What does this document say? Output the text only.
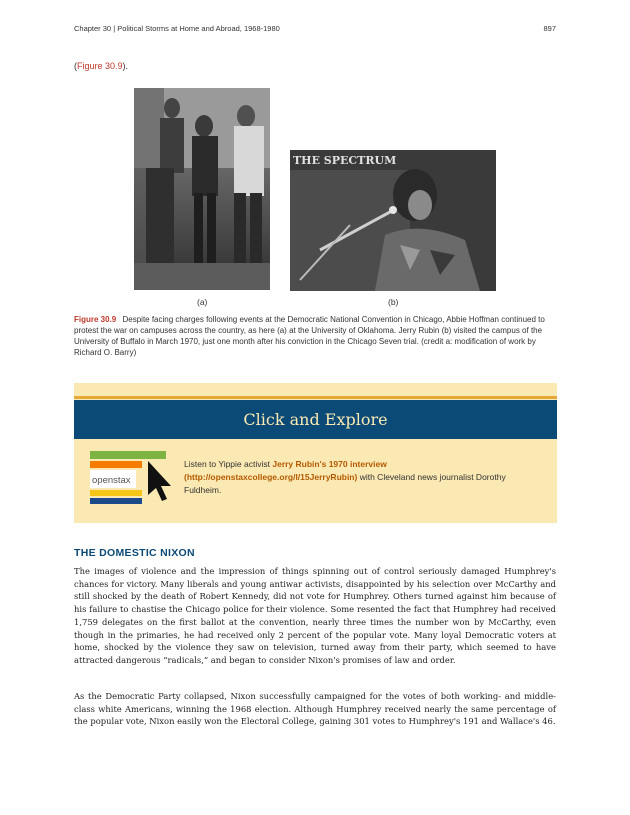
Chapter 30 | Political Storms at Home and Abroad, 1968-1980	897
(Figure 30.9).
THE SPECTRUM
(a)	(b)
Figure 30.9 Despite facing charges following events at the Democratic National Convention in Chicago, Abbie Hoffman continued to protest the war on campuses across the country, as here (a) at the University of Oklahoma. Jerry Rubin (b) visited the campus of the University of Buffalo in March 1970, just one month after his conviction in the Chicago Seven trial. (credit a: modification of work by Richard O. Barry)
Click and Explore
openstax
Listen to Yippie activist Jerry Rubin's 1970 interview (http://openstaxcollege.org/l/15JerryRubin) with Cleveland news journalist Dorothy Fuldheim.
THE DOMESTIC NIXON
The images of violence and the impression of things spinning out of control seriously damaged Humphrey's chances for victory. Many liberals and young antiwar activists, disappointed by his selection over McCarthy and still shocked by the death of Robert Kennedy, did not vote for Humphrey. Others turned against him because of his failure to chastise the Chicago police for their violence. Some resented the fact that Humphrey had received 1,759 delegates on the first ballot at the convention, nearly three times the number won by McCarthy, even though in the primaries, he had received only 2 percent of the popular vote. Many loyal Democratic voters at home, shocked by the violence they saw on television, turned away from their party, which seemed to have attracted dangerous “radicals,” and began to consider Nixon's promises of law and order.
As the Democratic Party collapsed, Nixon successfully campaigned for the votes of both working- and middle-class white Americans, winning the 1968 election. Although Humphrey received nearly the same percentage of the popular vote, Nixon easily won the Electoral College, gaining 301 votes to Humphrey's 191 and Wallace's 46.
